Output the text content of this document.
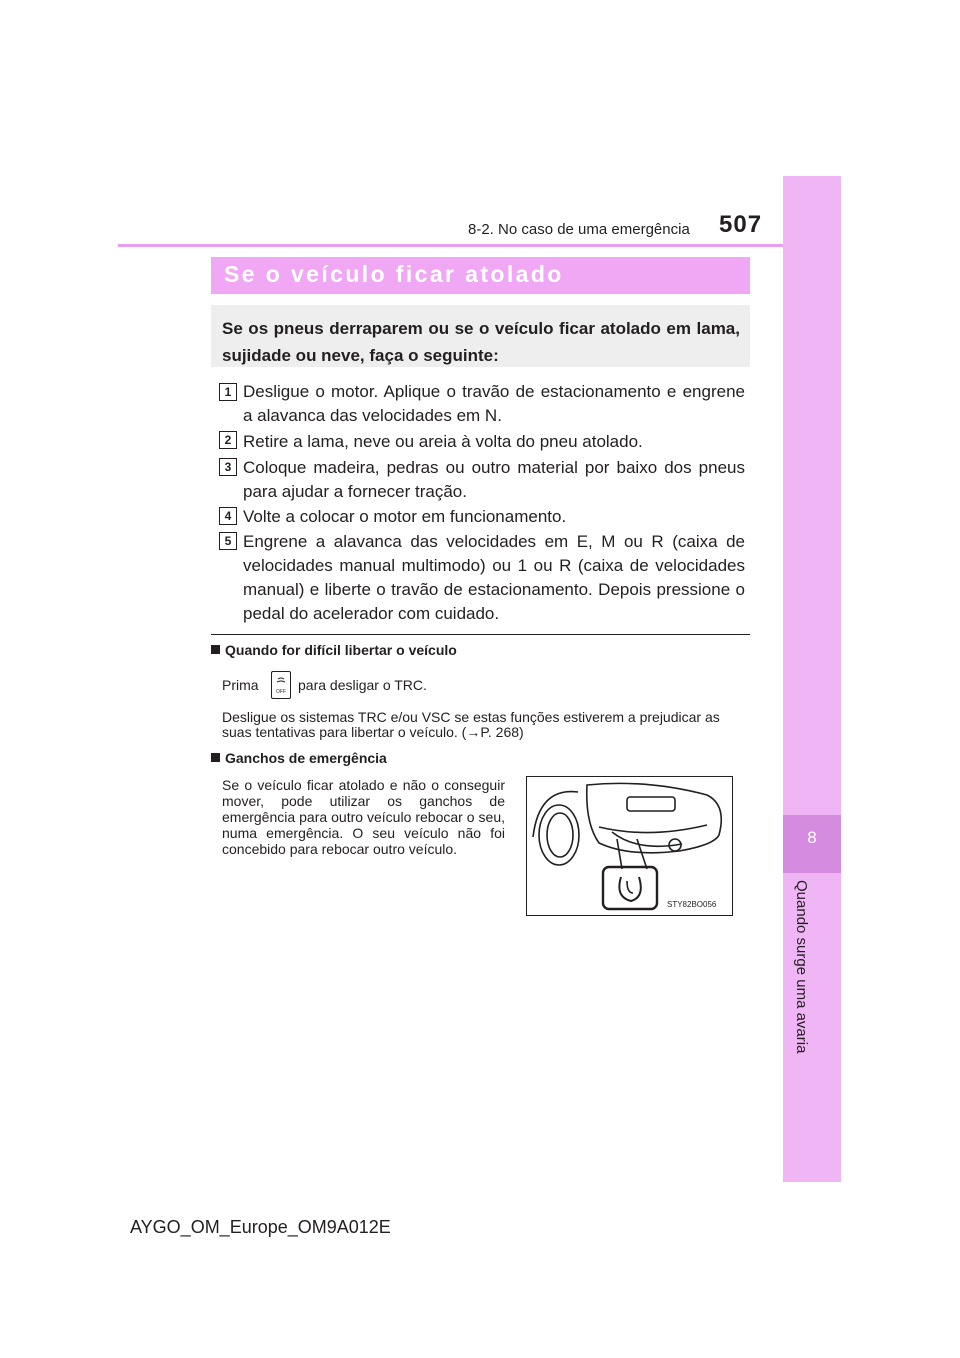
8
Quando surge uma avaria
8-2. No caso de uma emergência 507
Se o veículo ficar atolado
Se os pneus derraparem ou se o veículo ficar atolado em lama, sujidade ou neve, faça o seguinte:
1 Desligue o motor. Aplique o travão de estacionamento e engrene a alavanca das velocidades em N.
2 Retire a lama, neve ou areia à volta do pneu atolado.
3 Coloque madeira, pedras ou outro material por baixo dos pneus para ajudar a fornecer tração.
4 Volte a colocar o motor em funcionamento.
5 Engrene a alavanca das velocidades em E, M ou R (caixa de velocidades manual multimodo) ou 1 ou R (caixa de velocidades manual) e liberte o travão de estacionamento. Depois pressione o pedal do acelerador com cuidado.
Quando for difícil libertar o veículo
Prima	OFF para desligar o TRC.
Desligue os sistemas TRC e/ou VSC se estas funções estiverem a prejudicar as suas tentativas para libertar o veículo. (→P. 268)
Ganchos de emergência
Se o veículo ficar atolado e não o conseguir mover, pode utilizar os ganchos de emergência para outro veículo rebocar o seu, numa emergência. O seu veículo não foi concebido para rebocar outro veículo.
STY82BO056
AYGO_OM_Europe_OM9A012E
